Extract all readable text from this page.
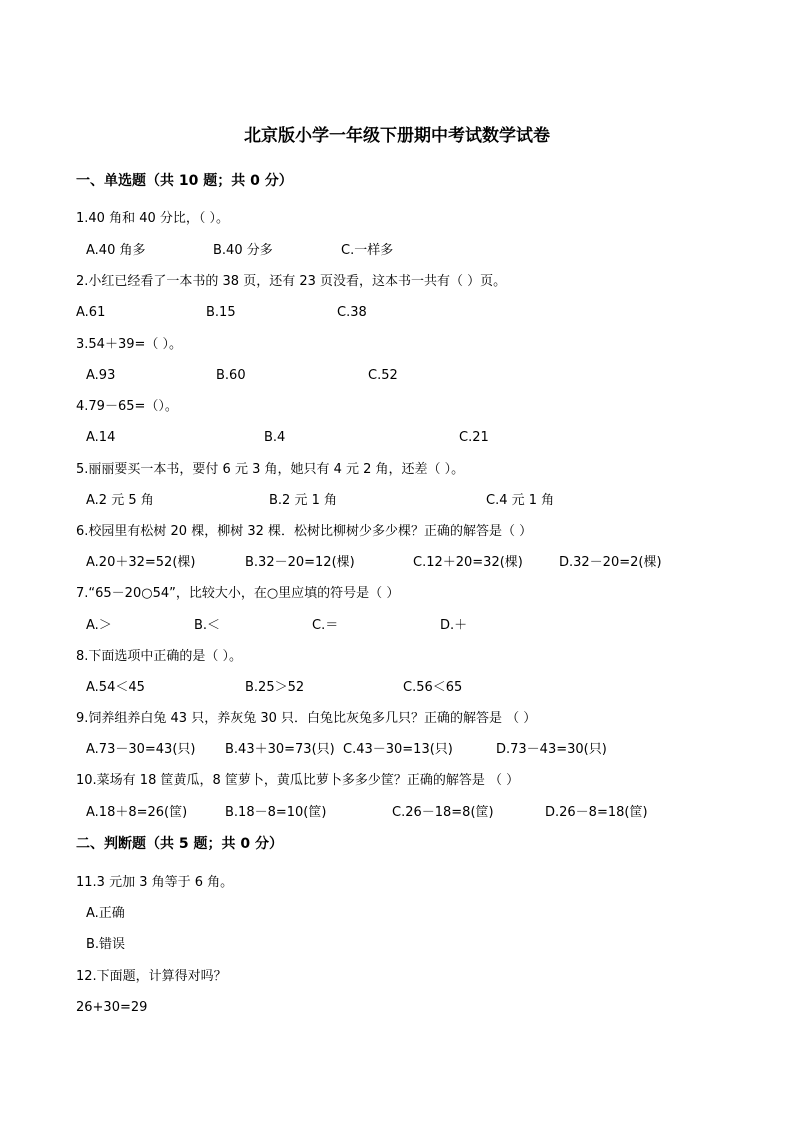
北京版小学一年级下册期中考试数学试卷
一、单选题（共 10 题；共 0 分）
1.40 角和 40 分比，（ ）。
A.40 角多	B.40 分多	C.一样多
2.小红已经看了一本书的 38 页，还有 23 页没看，这本书一共有（ ）页。
A.61	B.15	C.38
3.54＋39=（ ）。
A.93	B.60	C.52
4.79－65=（）。
A.14	B.4	C.21
5.丽丽要买一本书，要付 6 元 3 角，她只有 4 元 2 角，还差（ ）。
A.2 元 5 角	B.2 元 1 角	C.4 元 1 角
6.校园里有松树 20 棵，柳树 32 棵．松树比柳树少多少棵？正确的解答是（ ）
A.20＋32=52(棵)	B.32－20=12(棵)	C.12＋20=32(棵)	D.32－20=2(棵)
7.“65－20○54”，比较大小，在○里应填的符号是（ ）
A.＞	B.＜	C.＝	D.＋
8.下面选项中正确的是（ ）。
A.54＜45	B.25＞52	C.56＜65
9.饲养组养白兔 43 只，养灰兔 30 只．白兔比灰兔多几只？正确的解答是 （ ）
A.73－30=43(只) B.43＋30=73(只) C.43－30=13(只)	D.73－43=30(只)
10.菜场有 18 筐黄瓜，8 筐萝卜，黄瓜比萝卜多多少筐？正确的解答是 （ ）
A.18＋8=26(筐)	B.18－8=10(筐)	C.26－18=8(筐)	D.26－8=18(筐)
二、判断题（共 5 题；共 0 分）
11.3 元加 3 角等于 6 角。
A.正确
B.错误
12.下面题，计算得对吗？
26+30=29
